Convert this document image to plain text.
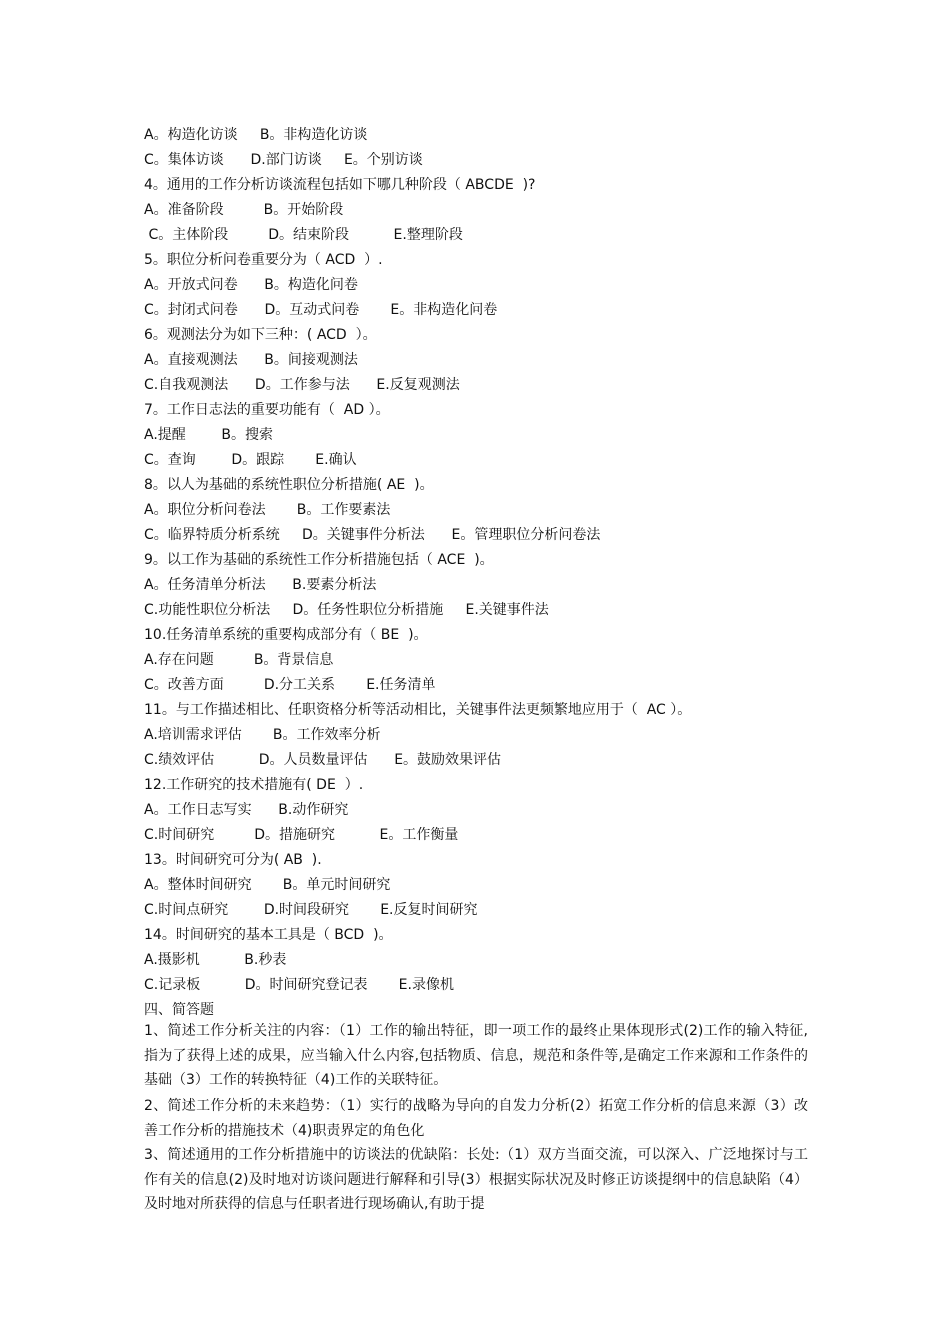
A。构造化访谈     B。非构造化访谈
C。集体访谈      D.部门访谈     E。个别访谈
4。通用的工作分析访谈流程包括如下哪几种阶段（ ABCDE  )?
A。准备阶段         B。开始阶段
C。主体阶段         D。结束阶段          E.整理阶段
5。职位分析问卷重要分为（ ACD  ）.
A。开放式问卷      B。构造化问卷
C。封闭式问卷      D。互动式问卷       E。非构造化问卷
6。观测法分为如下三种：( ACD  ）。
A。直接观测法      B。间接观测法
C.自我观测法      D。工作参与法      E.反复观测法
7。工作日志法的重要功能有（  AD ）。
A.提醒        B。搜索
C。查询        D。跟踪       E.确认
8。以人为基础的系统性职位分析措施( AE  )。
A。职位分析问卷法       B。工作要素法
C。临界特质分析系统     D。关键事件分析法      E。管理职位分析问卷法
9。以工作为基础的系统性工作分析措施包括（ ACE  )。
A。任务清单分析法      B.要素分析法
C.功能性职位分析法     D。任务性职位分析措施     E.关键事件法
10.任务清单系统的重要构成部分有（ BE  )。
A.存在问题         B。背景信息
C。改善方面         D.分工关系       E.任务清单
11。与工作描述相比、任职资格分析等活动相比，关键事件法更频繁地应用于（  AC ）。
A.培训需求评估       B。工作效率分析
C.绩效评估          D。人员数量评估      E。鼓励效果评估
12.工作研究的技术措施有( DE  ）.
A。工作日志写实      B.动作研究
C.时间研究         D。措施研究          E。工作衡量
13。时间研究可分为( AB  ).
A。整体时间研究       B。单元时间研究
C.时间点研究        D.时间段研究       E.反复时间研究
14。时间研究的基本工具是（ BCD  )。
A.摄影机          B.秒表
C.记录板          D。时间研究登记表       E.录像机
四、简答题
1、简述工作分析关注的内容：（1）工作的输出特征，即一项工作的最终止果体现形式(2)工作的输入特征,指为了获得上述的成果，应当输入什么内容,包括物质、信息，规范和条件等,是确定工作来源和工作条件的基础（3）工作的转换特征（4)工作的关联特征。
2、简述工作分析的未来趋势：（1）实行的战略为导向的自发力分析(2）拓宽工作分析的信息来源（3）改善工作分析的措施技术（4)职责界定的角色化
3、简述通用的工作分析措施中的访谈法的优缺陷：长处:（1）双方当面交流，可以深入、广泛地探讨与工作有关的信息(2)及时地对访谈问题进行解释和引导(3）根据实际状况及时修正访谈提纲中的信息缺陷（4）及时地对所获得的信息与任职者进行现场确认,有助于提
